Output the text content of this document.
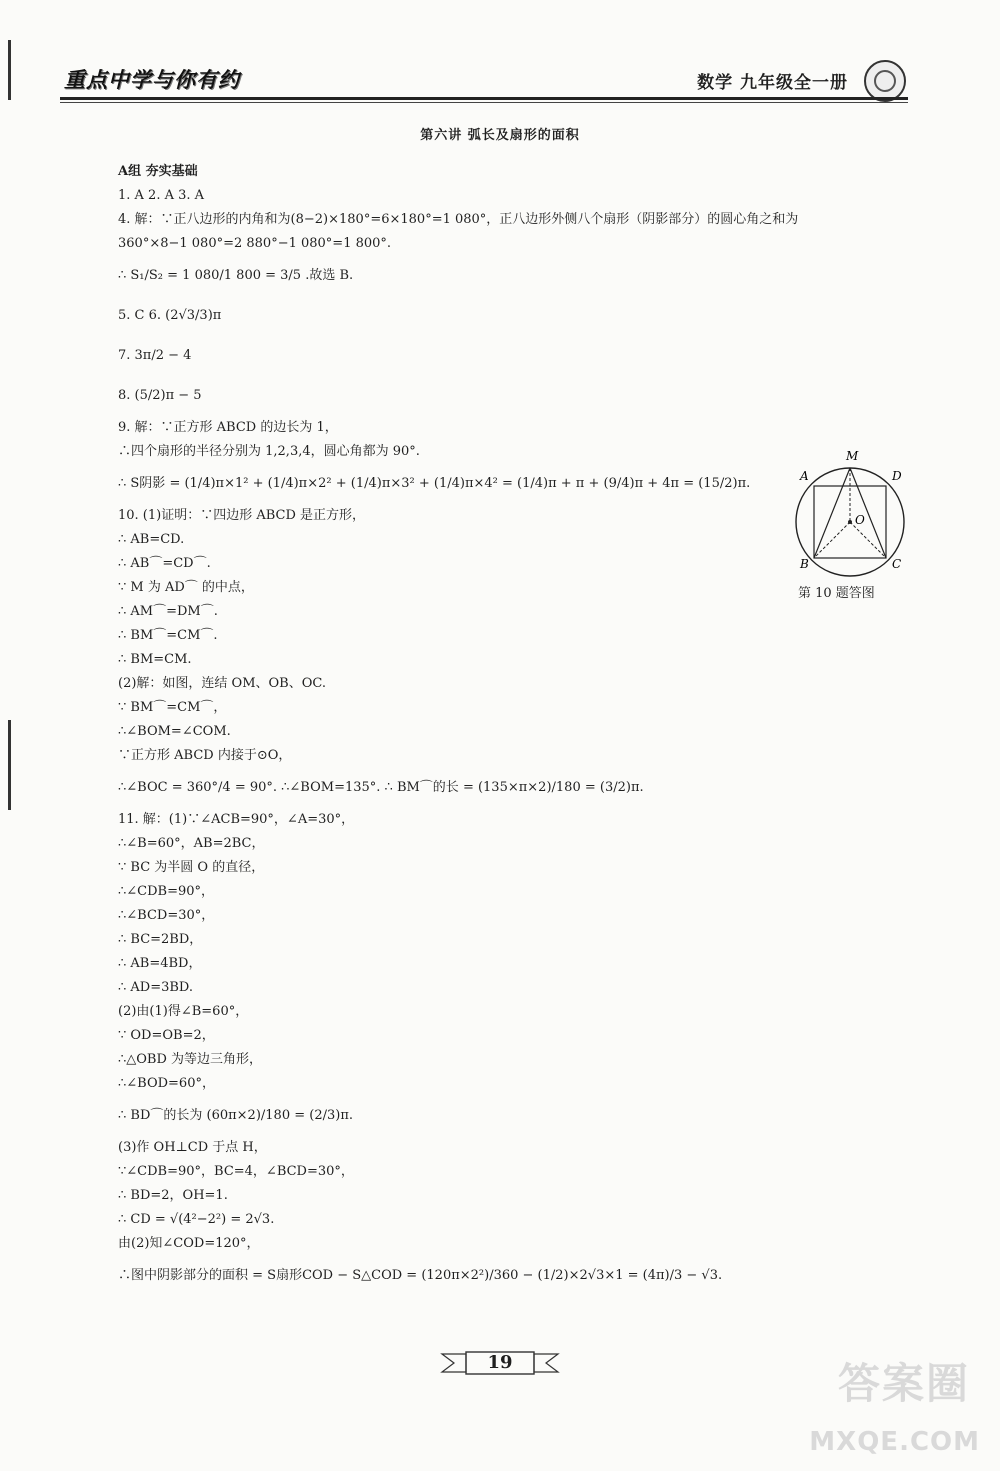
重点中学与你有约	数学 九年级全一册
第六讲 弧长及扇形的面积
A组 夯实基础
1. A 2. A 3. A
4. 解：∵正八边形的内角和为(8−2)×180°=6×180°=1 080°，正八边形外侧八个扇形（阴影部分）的圆心角之和为
360°×8−1 080°=2 880°−1 080°=1 800°.
∴ S₁/S₂ = 1 080/1 800 = 3/5 .故选 B.
5. C 6. (2√3/3)π
7. 3π/2 − 4
8. (5/2)π − 5
9. 解：∵正方形 ABCD 的边长为 1，
∴四个扇形的半径分别为 1,2,3,4，圆心角都为 90°.
∴ S阴影 = (1/4)π×1² + (1/4)π×2² + (1/4)π×3² + (1/4)π×4² = (1/4)π + π + (9/4)π + 4π = (15/2)π.
10. (1)证明：∵四边形 ABCD 是正方形，
∴ AB=CD.
∴ AB⌒=CD⌒.
∵ M 为 AD⌒ 的中点，
∴ AM⌒=DM⌒.
∴ BM⌒=CM⌒.
∴ BM=CM.
(2)解：如图，连结 OM、OB、OC.
∵ BM⌒=CM⌒，
∴∠BOM=∠COM.
∵正方形 ABCD 内接于⊙O，
∴∠BOC = 360°/4 = 90°. ∴∠BOM=135°. ∴ BM⌒的长 = (135×π×2)/180 = (3/2)π.
11. 解：(1)∵∠ACB=90°，∠A=30°，
∴∠B=60°，AB=2BC，
∵ BC 为半圆 O 的直径，
∴∠CDB=90°，
∴∠BCD=30°，
∴ BC=2BD，
∴ AB=4BD，
∴ AD=3BD.
(2)由(1)得∠B=60°，
∵ OD=OB=2，
∴△OBD 为等边三角形，
∴∠BOD=60°，
∴ BD⌒的长为 (60π×2)/180 = (2/3)π.
(3)作 OH⊥CD 于点 H，
∵∠CDB=90°，BC=4，∠BCD=30°，
∴ BD=2，OH=1.
∴ CD = √(4²−2²) = 2√3.
由(2)知∠COD=120°，
∴图中阴影部分的面积 = S扇形COD − S△COD = (120π×2²)/360 − (1/2)×2√3×1 = (4π)/3 − √3.
A
M
D
B	C
O
第 10 题答图
19	答案圈
MXQE.COM
